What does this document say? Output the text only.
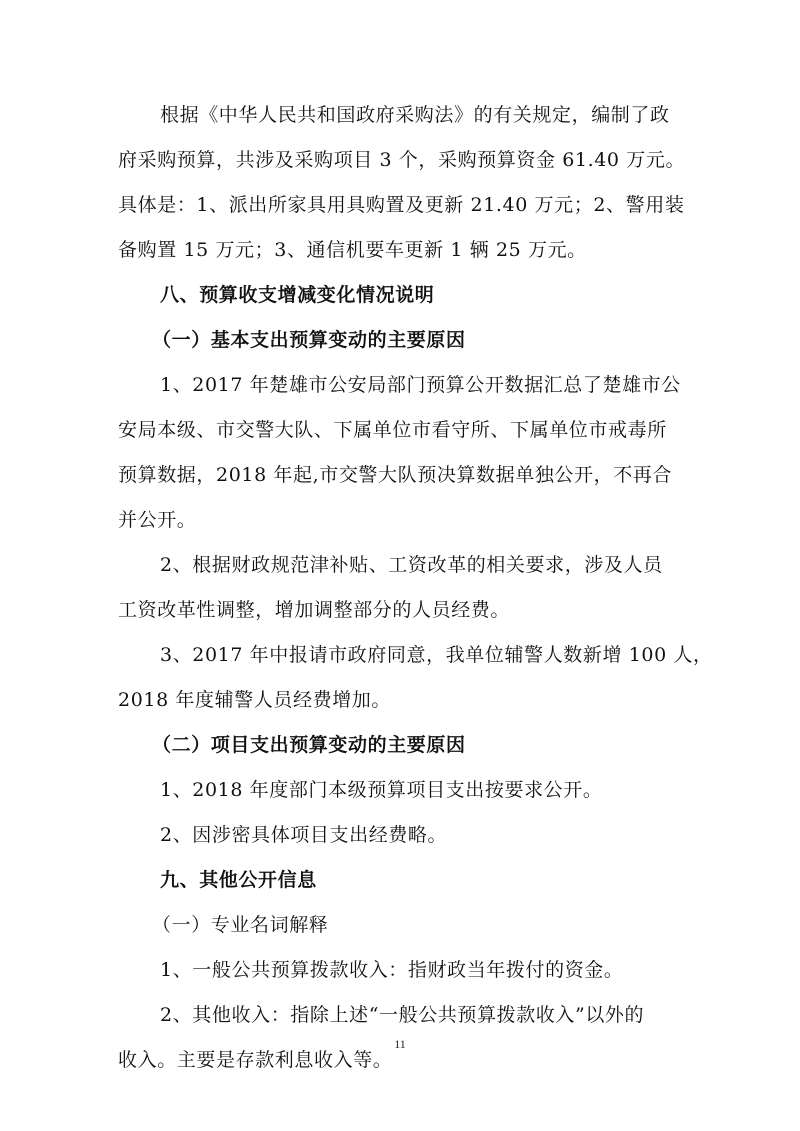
根据《中华人民共和国政府采购法》的有关规定，编制了政
府采购预算，共涉及采购项目 3 个，采购预算资金 61.40 万元。
具体是：1、派出所家具用具购置及更新 21.40 万元；2、警用装
备购置 15 万元；3、通信机要车更新 1 辆 25 万元。
八、预算收支增减变化情况说明
（一）基本支出预算变动的主要原因
1、2017 年楚雄市公安局部门预算公开数据汇总了楚雄市公
安局本级、市交警大队、下属单位市看守所、下属单位市戒毒所
预算数据，2018 年起,市交警大队预决算数据单独公开，不再合
并公开。
2、根据财政规范津补贴、工资改革的相关要求，涉及人员
工资改革性调整，增加调整部分的人员经费。
3、2017 年中报请市政府同意，我单位辅警人数新增 100 人，
2018 年度辅警人员经费增加。
（二）项目支出预算变动的主要原因
1、2018 年度部门本级预算项目支出按要求公开。
2、因涉密具体项目支出经费略。
九、其他公开信息
（一）专业名词解释
1、一般公共预算拨款收入：指财政当年拨付的资金。
2、其他收入：指除上述“一般公共预算拨款收入”以外的
收入。主要是存款利息收入等。
11
